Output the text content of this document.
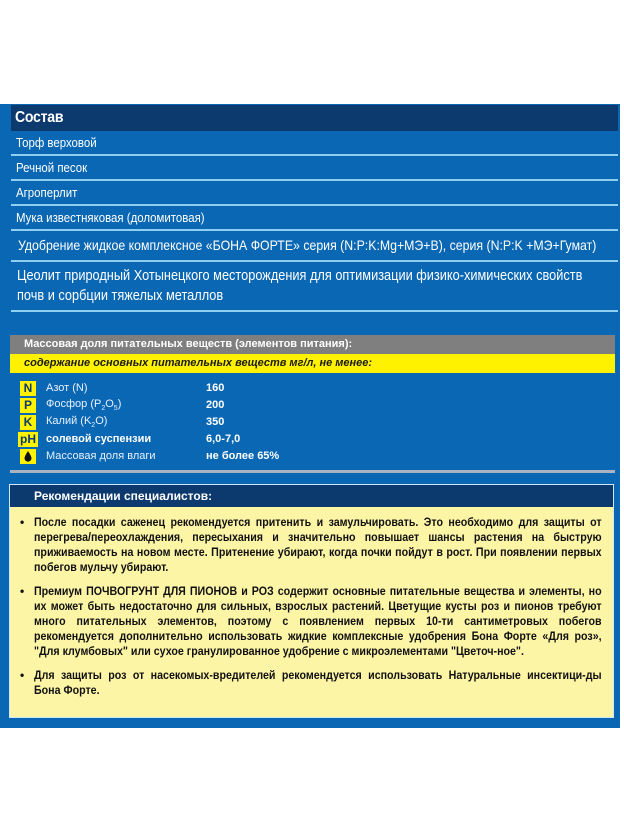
Состав
Торф верховой
Речной песок
Агроперлит
Мука известняковая (доломитовая)
Удобрение жидкое комплексное «БОНА ФОРТЕ» серия (N:P:K:Mg+МЭ+B), серия (N:P:K +МЭ+Гумат)
Цеолит природный Хотынецкого месторождения для оптимизации физико-химических свойств почв и сорбции тяжелых металлов
Массовая доля питательных веществ (элементов питания):
содержание основных питательных веществ мг/л, не менее:
N	Азот (N)	160
P	Фосфор $(P_2O_5)$	200
K	Калий $(K_2O)$	350
pH солевой суспензии	6,0-7,0
Массовая доля влаги	не более 65%
Рекомендации специалистов:
• После посадки саженец рекомендуется притенить и замульчировать. Это необходимо для защиты от перегрева/переохлаждения, пересыхания и значительно повышает шансы растения на быструю приживаемость на новом месте. Притенение убирают, когда почки пойдут в рост. При появлении первых побегов мульчу убирают.

• Премиум ПОЧВОГРУНТ ДЛЯ ПИОНОВ и РОЗ содержит основные питательные вещества и элементы, но их может быть недостаточно для сильных, взрослых растений. Цветущие кусты роз и пионов требуют много питательных элементов, поэтому с появлением первых 10-ти сантиметровых побегов рекомендуется дополнительно использовать жидкие комплексные удобрения Бона Форте «Для роз», "Для клумбовых" или сухое гранулированное удобрение с микроэлементами "Цветоч-ное".

• Для защиты роз от насекомых-вредителей рекомендуется использовать Натуральные инсектици-ды Бона Форте.
